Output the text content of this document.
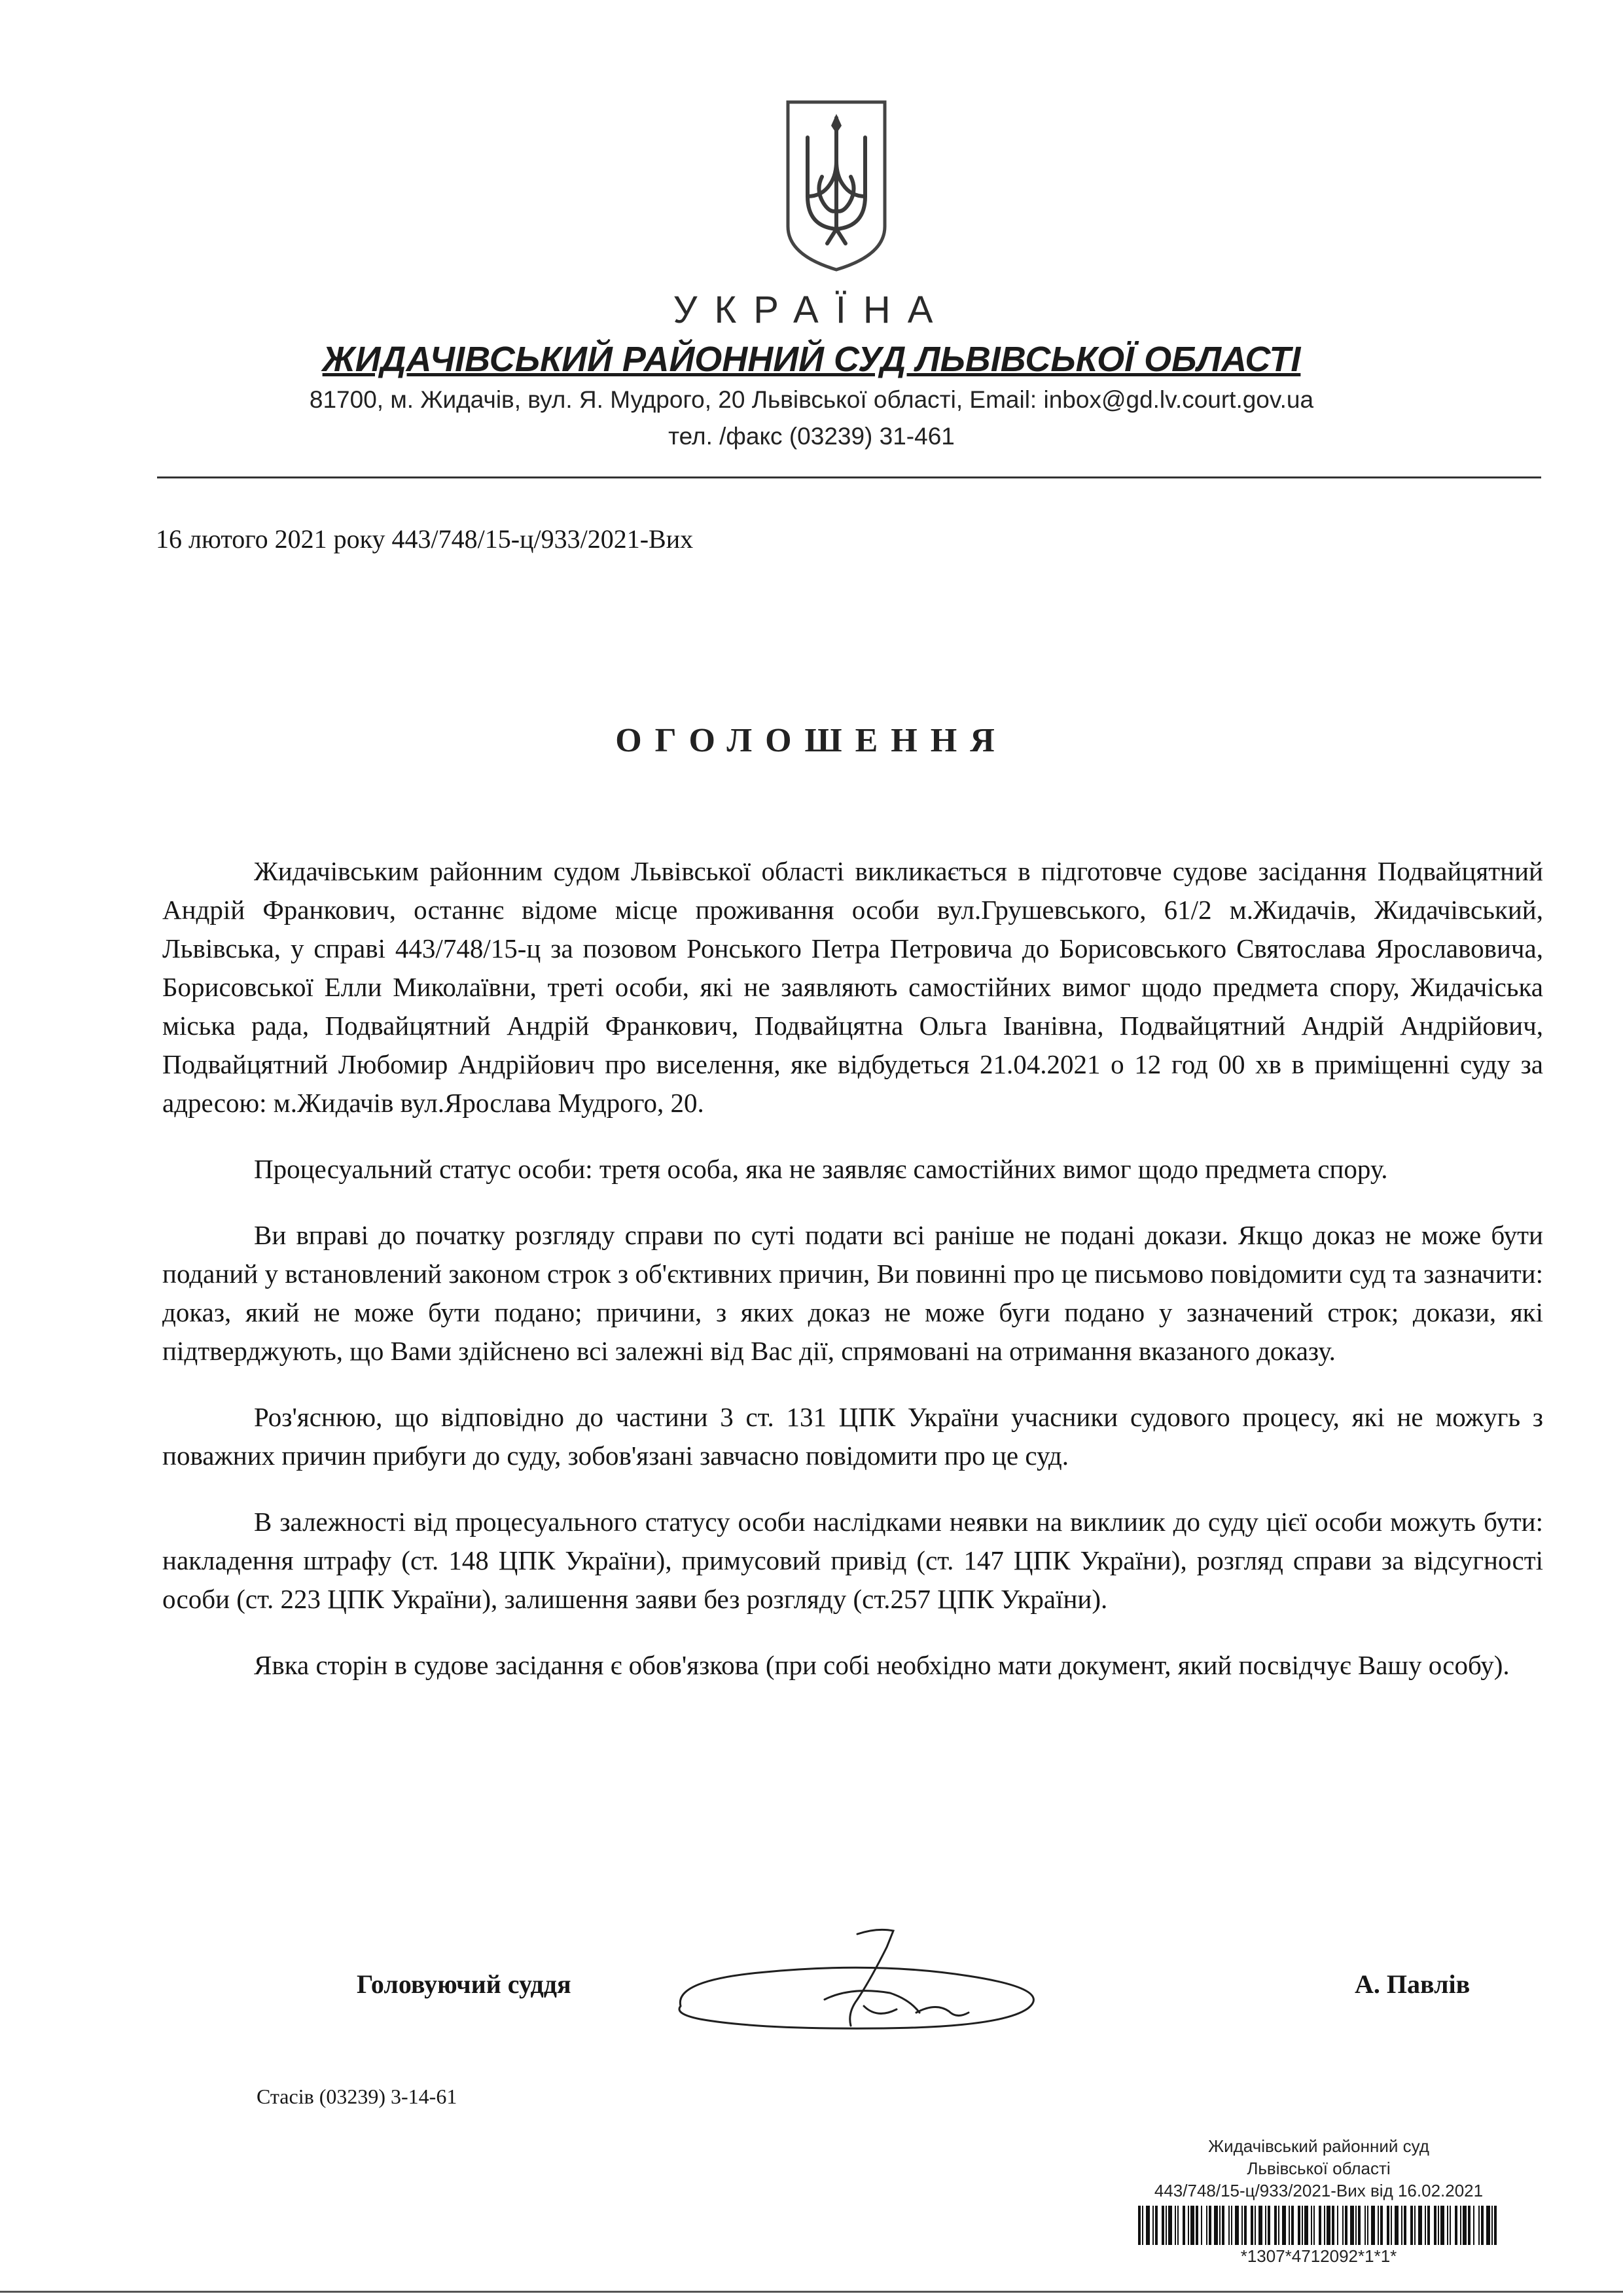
УКРАЇНА
ЖИДАЧІВСЬКИЙ РАЙОННИЙ СУД ЛЬВІВСЬКОЇ ОБЛАСТІ
81700, м. Жидачів, вул. Я. Мудрого, 20 Львівської області, Email: inbox@gd.lv.court.gov.ua
тел. /факс (03239) 31-461
16 лютого 2021 року 443/748/15-ц/933/2021-Вих
ОГОЛОШЕННЯ

Жидачівським районним судом Львівської області викликається в підготовче судове засідання Подвайцятний Андрій Франкович, останнє відоме місце проживання особи вул.Грушевського, 61/2 м.Жидачів, Жидачівський, Львівська, у справі 443/748/15-ц за позовом Ронського Петра Петровича до Борисовського Святослава Ярославовича, Борисовської Елли Миколаївни, треті особи, які не заявляють самостійних вимог щодо предмета спору, Жидачіська міська рада, Подвайцятний Андрій Франкович, Подвайцятна Ольга Іванівна, Подвайцятний Андрій Андрійович, Подвайцятний Любомир Андрійович про виселення, яке відбудеться 21.04.2021 о 12 год 00 хв в приміщенні суду за адресою: м.Жидачів вул.Ярослава Мудрого, 20.

Процесуальний статус особи: третя особа, яка не заявляє самостійних вимог щодо предмета спору.

Ви вправі до початку розгляду справи по суті подати всі раніше не подані докази. Якщо доказ не може бути поданий у встановлений законом строк з об'єктивних причин, Ви повинні про це письмово повідомити суд та зазначити: доказ, який не може бути подано; причини, з яких доказ не може буги подано у зазначений строк; докази, які підтверджують, що Вами здійснено всі залежні від Вас дії, спрямовані на отримання вказаного доказу.

Роз'яснюю, що відповідно до частини 3 ст. 131 ЦПК України учасники судового процесу, які не можугь з поважних причин прибуги до суду, зобов'язані завчасно повідомити про це суд.

В залежності від процесуального статусу особи наслідками неявки на виклиик до суду цієї особи можуть бути: накладення штрафу (ст. 148 ЦПК України), примусовий привід (ст. 147 ЦПК України), розгляд справи за відсугності особи (ст. 223 ЦПК України), залишення заяви без розгляду (ст.257 ЦПК України).

Явка сторін в судове засідання є обов'язкова (при собі необхідно мати документ, який посвідчує Вашу особу).

Головуючий суддя	А. Павлів
Стасів (03239) 3-14-61
Жидачівський районний суд
Львівської області
443/748/15-ц/933/2021-Вих від 16.02.2021
*1307*4712092*1*1*
